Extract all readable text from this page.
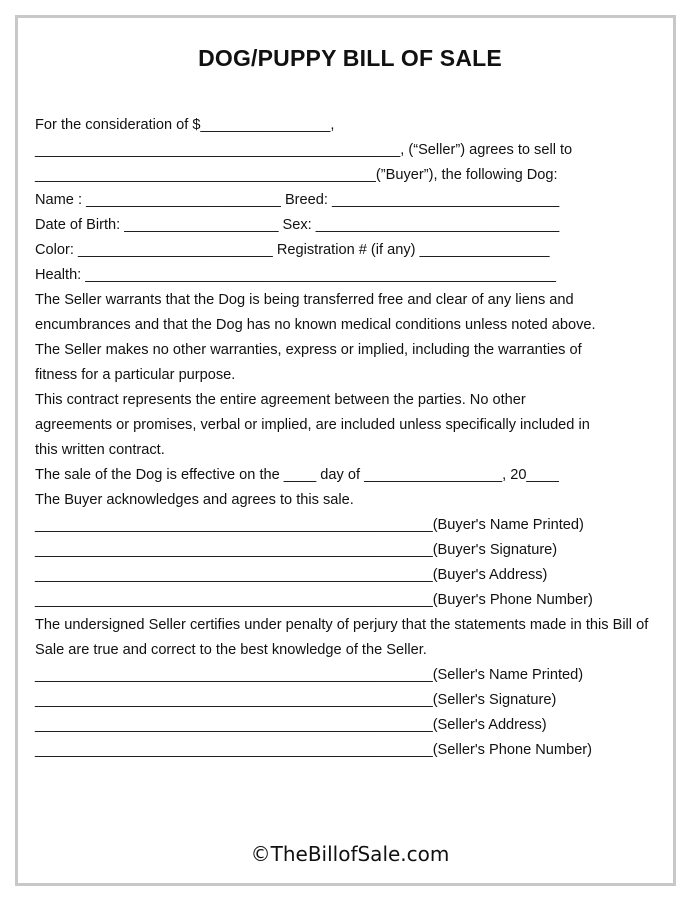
DOG/PUPPY BILL OF SALE
For the consideration of $________________,
_____________________________________________, (“Seller”) agrees to sell to
__________________________________________(”Buyer”), the following Dog:
Name : ________________________ Breed: ____________________________
Date of Birth: ___________________ Sex: ______________________________
Color: ________________________ Registration # (if any) ________________
Health: __________________________________________________________
The Seller warrants that the Dog is being transferred free and clear of any liens and
encumbrances and that the Dog has no known medical conditions unless noted above.
The Seller makes no other warranties, express or implied, including the warranties of
fitness for a particular purpose.
This contract represents the entire agreement between the parties. No other
agreements or promises, verbal or implied, are included unless specifically included in
this written contract.
The sale of the Dog is effective on the ____ day of _________________, 20____
The Buyer acknowledges and agrees to this sale.
_________________________________________________(Buyer's Name Printed)
_________________________________________________(Buyer's Signature)
_________________________________________________(Buyer's Address)
_________________________________________________(Buyer's Phone Number)
The undersigned Seller certifies under penalty of perjury that the statements made in this Bill of
Sale are true and correct to the best knowledge of the Seller.
_________________________________________________(Seller's Name Printed)
_________________________________________________(Seller's Signature)
_________________________________________________(Seller's Address)
_________________________________________________(Seller's Phone Number)
©TheBillofSale.com
